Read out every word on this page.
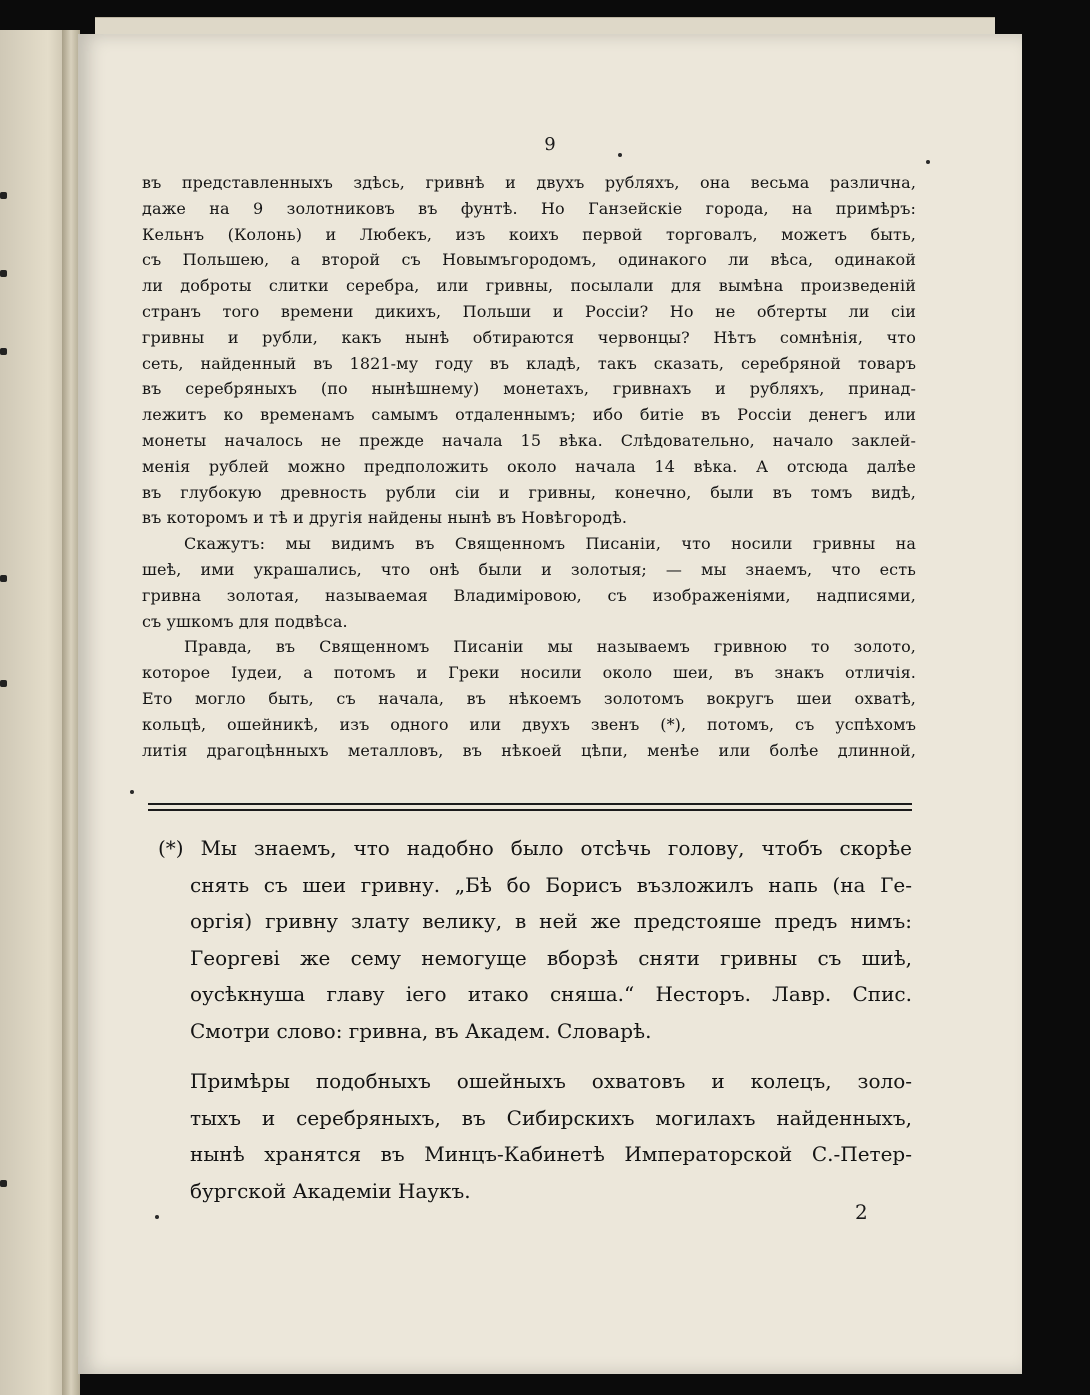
9
въ представленныхъ здѣсь, гривнѣ и двухъ рубляхъ, она весьма различна,
даже на 9 золотниковъ въ фунтѣ. Но Ганзейскіе города, на примѣръ:
Кельнъ (Колонь) и Любекъ, изъ коихъ первой торговалъ, можетъ быть,
съ Польшею, а второй съ Новымъгородомъ, одинакого ли вѣса, одинакой
ли доброты слитки серебра, или гривны, посылали для вымѣна произведеній
странъ того времени дикихъ, Польши и Россіи? Но не обтерты ли сіи
гривны и рубли, какъ нынѣ обтираются червонцы? Нѣтъ сомнѣнія, что
сеть, найденный въ 1821-му году въ кладѣ, такъ сказать, серебряной товаръ
въ серебряныхъ (по нынѣшнему) монетахъ, гривнахъ и рубляхъ, принад-
лежитъ ко временамъ самымъ отдаленнымъ; ибо битіе въ Россіи денегъ или
монеты началось не прежде начала 15 вѣка. Слѣдовательно, начало заклей-
менія рублей можно предположить около начала 14 вѣка. А отсюда далѣе
въ глубокую древность рубли сіи и гривны, конечно, были въ томъ видѣ,
въ которомъ и тѣ и другія найдены нынѣ въ Новѣгородѣ.
Скажутъ: мы видимъ въ Священномъ Писаніи, что носили гривны на
шеѣ, ими украшались, что онѣ были и золотыя; — мы знаемъ, что есть
гривна золотая, называемая Владиміровою, съ изображеніями, надписями,
съ ушкомъ для подвѣса.
Правда, въ Священномъ Писаніи мы называемъ гривною то золото,
которое Іудеи, а потомъ и Греки носили около шеи, въ знакъ отличія.
Ето могло быть, съ начала, въ нѣкоемъ золотомъ вокругъ шеи охватѣ,
кольцѣ, ошейникѣ, изъ одного или двухъ звенъ (*), потомъ, съ успѣхомъ
литія драгоцѣнныхъ металловъ, въ нѣкоей цѣпи, менѣе или болѣе длинной,
(*) Мы знаемъ, что надобно было отсѣчь голову, чтобъ скорѣе
снять съ шеи гривну. „Бѣ бо Борисъ възложилъ напь (на Ге-
оргія) гривну злату велику, в ней же предстояше предъ нимъ:
Георгеві же сему немогуще вборзѣ сняти гривны съ шиѣ,
оусѣкнуша главу іего итако сняша.“ Несторъ. Лавр. Спис.
Смотри слово: гривна, въ Академ. Словарѣ.
Примѣры подобныхъ ошейныхъ охватовъ и колецъ, золо-
тыхъ и серебряныхъ, въ Сибирскихъ могилахъ найденныхъ,
нынѣ хранятся въ Минцъ-Кабинетѣ Императорской С.-Петер-
бургской Академіи Наукъ.
2
